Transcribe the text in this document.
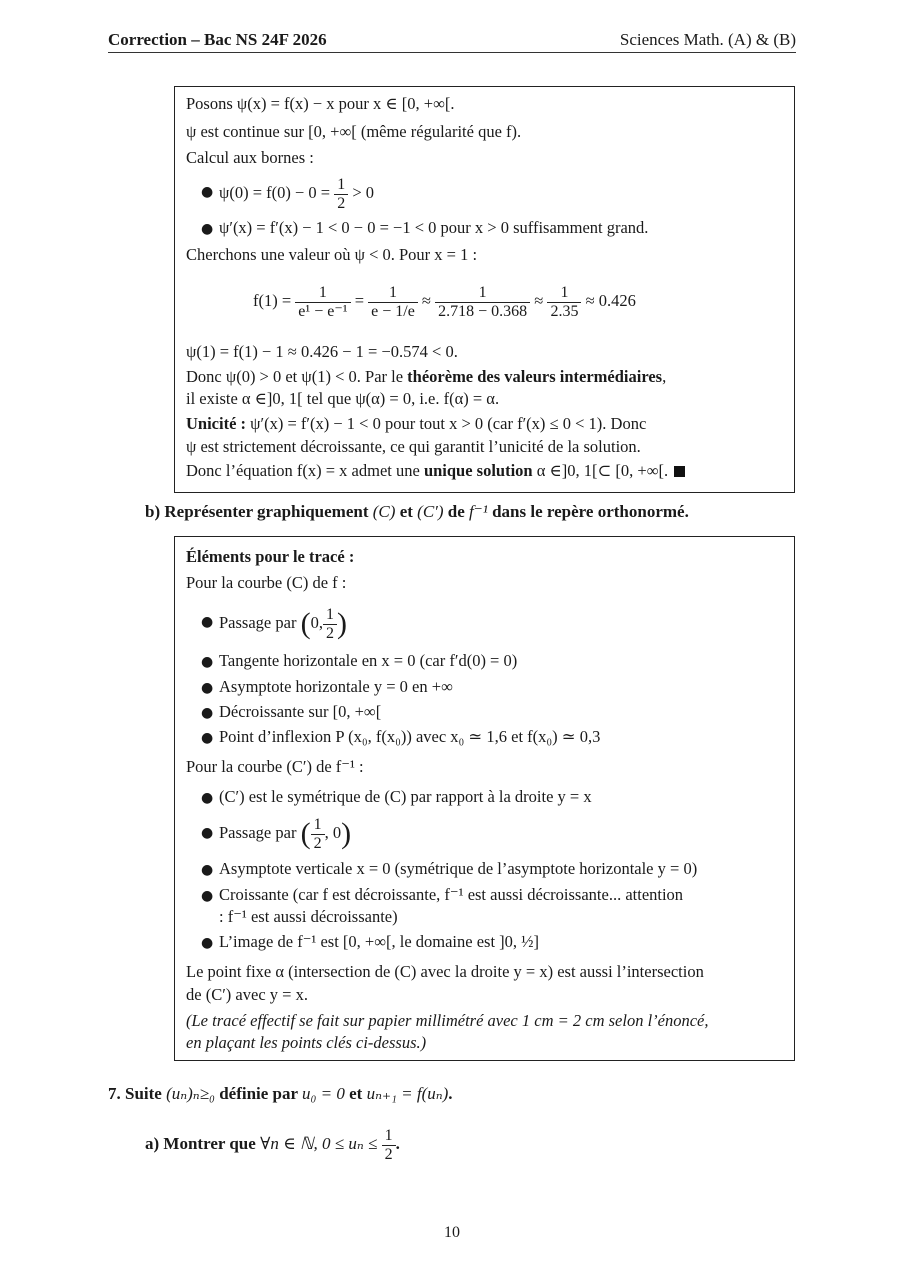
Correction – Bac NS 24F 2026	Sciences Math. (A) & (B)
Posons ψ(x) = f(x) − x pour x ∈ [0, +∞[.
ψ est continue sur [0, +∞[ (même régularité que f).
Calcul aux bornes :
● $\psi(0) = f(0) - 0 = \frac{1}{2} > 0$
● ψ′(x) = f′(x) − 1 < 0 − 0 = −1 < 0 pour x > 0 suffisamment grand.
Cherchons une valeur où ψ < 0. Pour x = 1 :
$f(1) = \frac{1}{\text{e¹ − e⁻¹}} = \frac{1}{e - 1/e} \approx \frac{1}{2.718 - 0.368} \approx \frac{1}{2.35} \approx 0.426$
ψ(1) = f(1) − 1 ≈ 0.426 − 1 = −0.574 < 0.
Donc ψ(0) > 0 et ψ(1) < 0. Par le théorème des valeurs intermédiaires,
il existe α ∈]0, 1[ tel que ψ(α) = 0, i.e. f(α) = α.
Unicité : ψ′(x) = f′(x) − 1 < 0 pour tout x > 0 (car f′(x) ≤ 0 < 1). Donc
ψ est strictement décroissante, ce qui garantit l’unicité de la solution.
Donc l’équation f(x) = x admet une unique solution α ∈]0, 1[⊂ [0, +∞[.
b) Représenter graphiquement (C) et (C′) de f⁻¹ dans le repère orthonormé.
Éléments pour le tracé :
Pour la courbe (C) de f :
● Passage par (0, $\frac{1}{2}$ )
● Tangente horizontale en x = 0 (car f′d(0) = 0)
● Asymptote horizontale y = 0 en +∞
● Décroissante sur [0, +∞[
● Point d’inflexion P (x₀, f(x₀)) avec x₀ ≃ 1,6 et f(x₀) ≃ 0,3
Pour la courbe (C′) de f⁻¹ :
● (C′) est le symétrique de (C) par rapport à la droite y = x
● Passage par ( $\frac{1}{2}$ , 0)
● Asymptote verticale x = 0 (symétrique de l’asymptote horizontale y = 0)
● Croissante (car f est décroissante, f⁻¹ est aussi décroissante... attention
: f⁻¹ est aussi décroissante)
● L’image de f⁻¹ est [0, +∞[, le domaine est ]0, ½]
Le point fixe α (intersection de (C) avec la droite y = x) est aussi l’intersection
de (C′) avec y = x.
(Le tracé effectif se fait sur papier millimétré avec 1 cm = 2 cm selon l’énoncé,
en plaçant les points clés ci-dessus.)
7. Suite (uₙ)ₙ≥₀ définie par u₀ = 0 et uₙ₊₁ = f(uₙ).
a) Montrer que ∀n ∈ ℕ, $0 \le u_n \le \frac{1}{2}$ .
10
